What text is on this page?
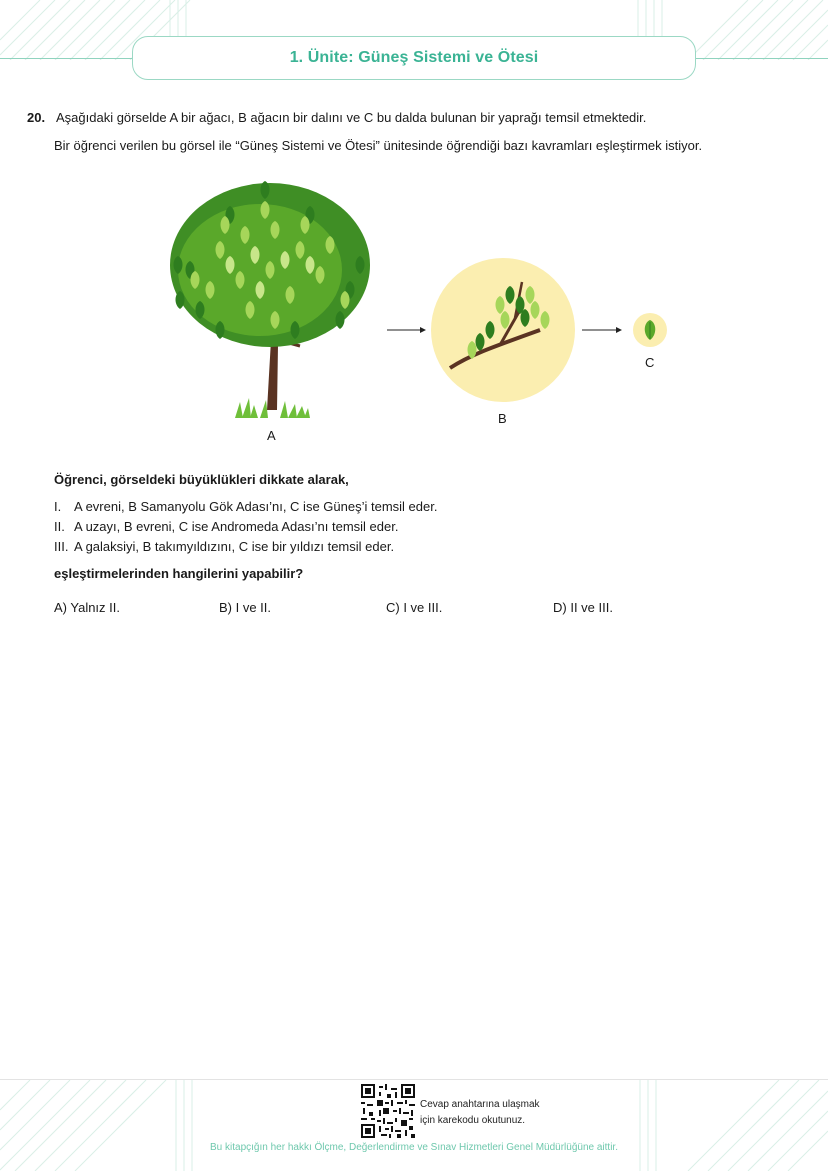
1. Ünite: Güneş Sistemi ve Ötesi
20. Aşağıdaki görselde A bir ağacı, B ağacın bir dalını ve C bu dalda bulunan bir yaprağı temsil etmektedir.
Bir öğrenci verilen bu görsel ile “Güneş Sistemi ve Ötesi” ünitesinde öğrendiği bazı kavramları eşleştirmek istiyor.
A
B
C
Öğrenci, görseldeki büyüklükleri dikkate alarak,
I. A evreni, B Samanyolu Gök Adası’nı, C ise Güneş’i temsil eder.
II. A uzayı, B evreni, C ise Andromeda Adası’nı temsil eder.
III. A galaksiyi, B takımyıldızını, C ise bir yıldızı temsil eder.
eşleştirmelerinden hangilerini yapabilir?
A) Yalnız II.	B) I ve II.	C) I ve III.	D) II ve III.
Cevap anahtarına ulaşmak
için karekodu okutunuz.
Bu kitapçığın her hakkı Ölçme, Değerlendirme ve Sınav Hizmetleri Genel Müdürlüğüne aittir.
